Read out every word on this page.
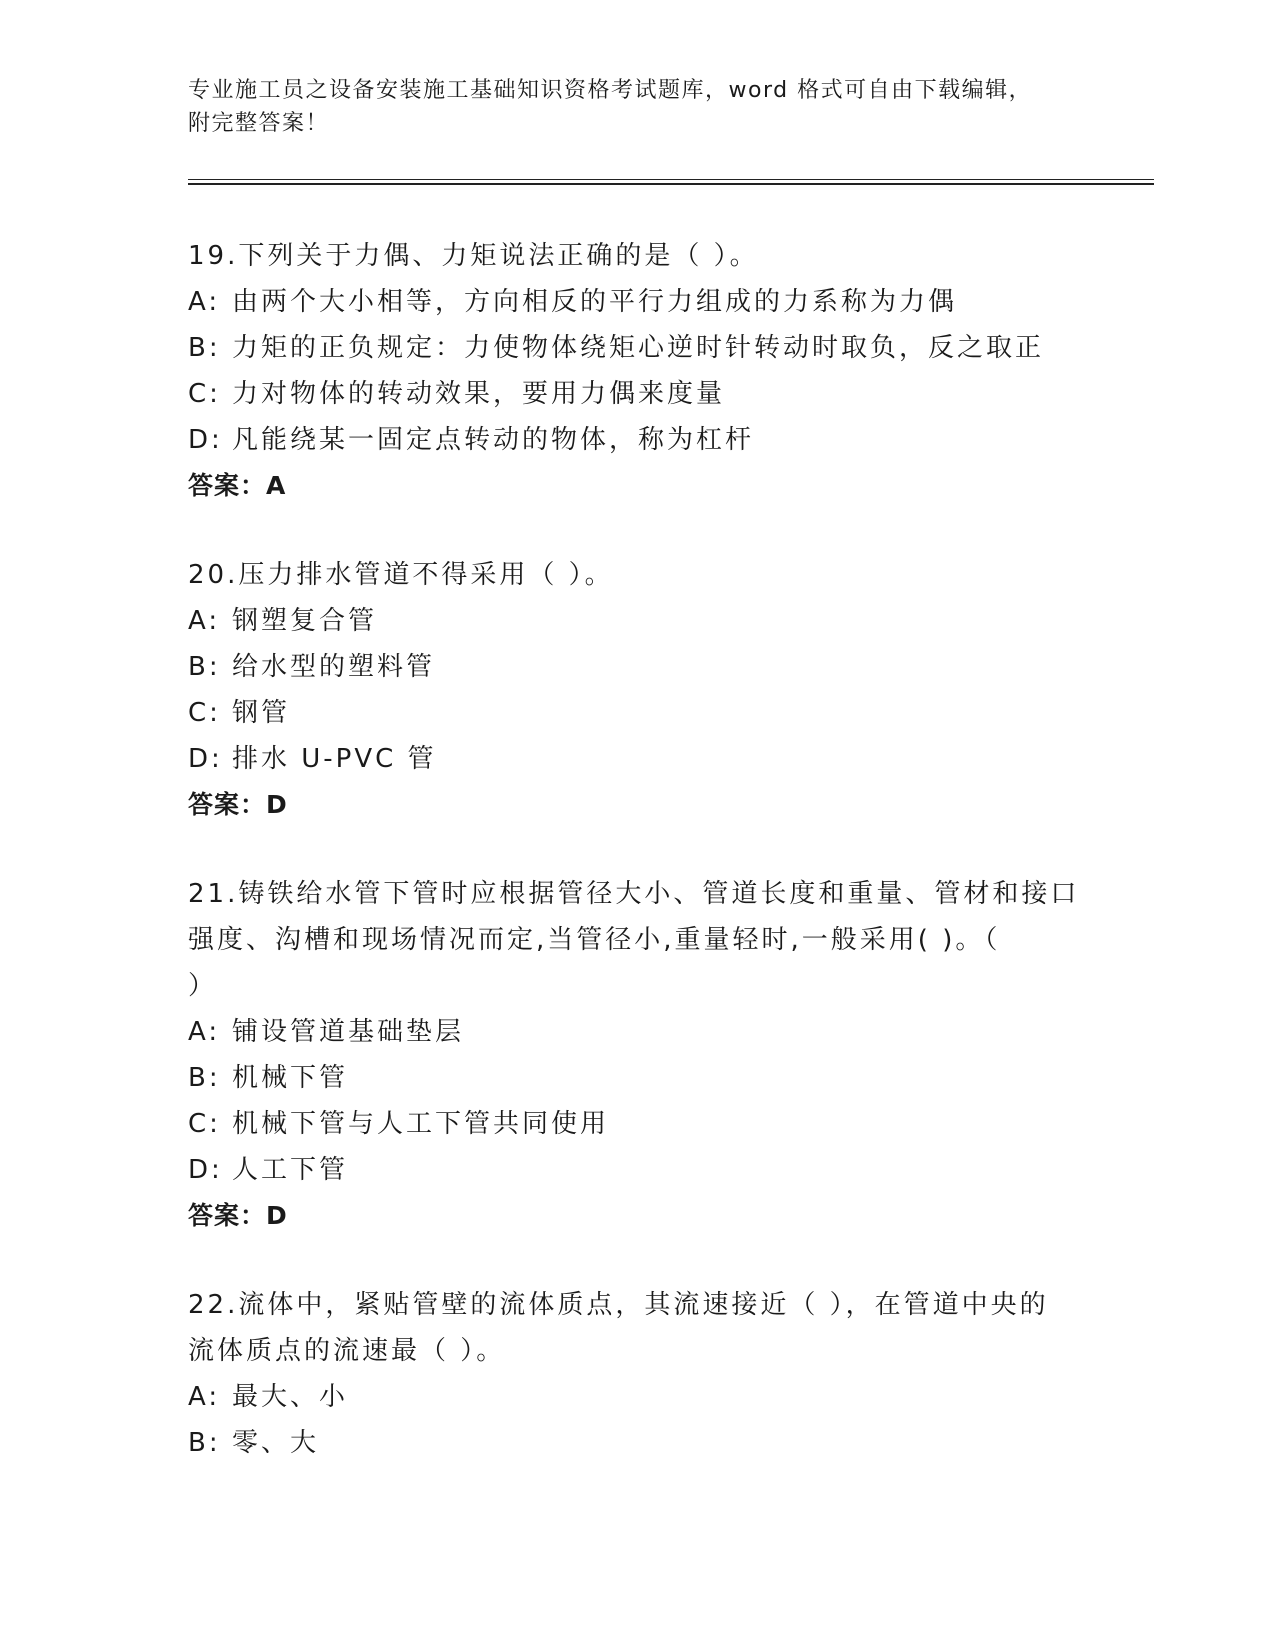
专业施工员之设备安装施工基础知识资格考试题库，word 格式可自由下载编辑，
附完整答案！
19.下列关于力偶、力矩说法正确的是（ ）。
A: 由两个大小相等，方向相反的平行力组成的力系称为力偶
B: 力矩的正负规定：力使物体绕矩心逆时针转动时取负，反之取正
C: 力对物体的转动效果，要用力偶来度量
D: 凡能绕某一固定点转动的物体，称为杠杆
答案：A
20.压力排水管道不得采用（ ）。
A: 钢塑复合管
B: 给水型的塑料管
C: 钢管
D: 排水 U-PVC 管
答案：D
21.铸铁给水管下管时应根据管径大小、管道长度和重量、管材和接口
强度、沟槽和现场情况而定,当管径小,重量轻时,一般采用( )。（
）
A: 铺设管道基础垫层
B: 机械下管
C: 机械下管与人工下管共同使用
D: 人工下管
答案：D
22.流体中，紧贴管壁的流体质点，其流速接近（ ），在管道中央的
流体质点的流速最（ ）。
A: 最大、小
B: 零、大
